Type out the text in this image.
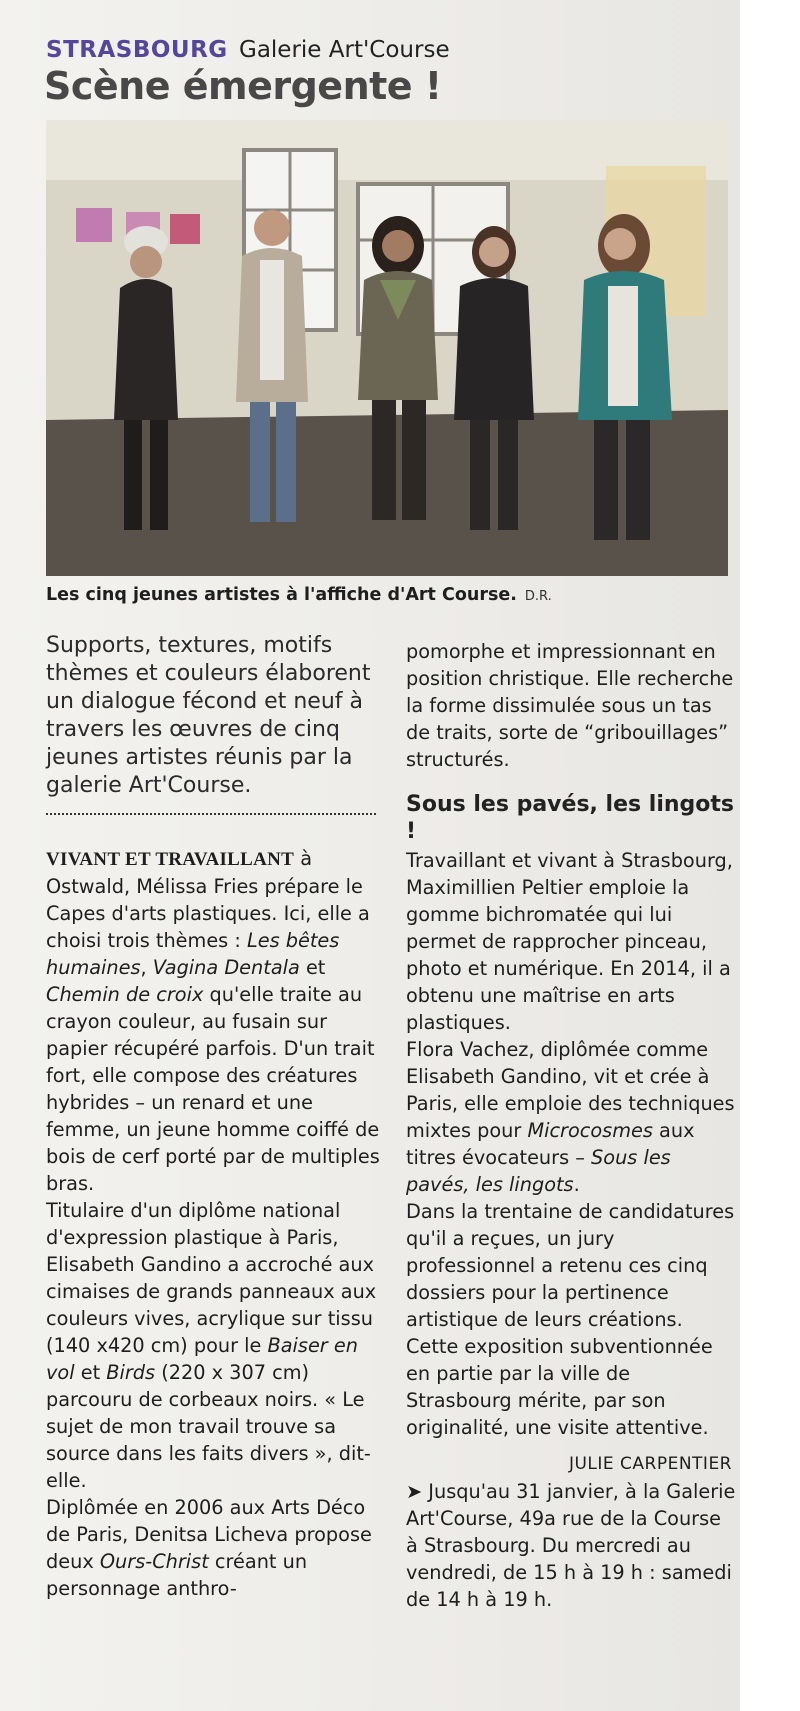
STRASBOURG Galerie Art'Course
Scène émergente !
Les cinq jeunes artistes à l'affiche d'Art Course. D.R.
Supports, textures, motifs thèmes et couleurs élaborent un dialogue fécond et neuf à travers les œuvres de cinq jeunes artistes réunis par la galerie Art'Course.

VIVANT ET TRAVAILLANT à Ostwald, Mélissa Fries prépare le Capes d'arts plastiques. Ici, elle a choisi trois thèmes : Les bêtes humaines, Vagina Dentala et Chemin de croix qu'elle traite au crayon couleur, au fusain sur papier récupéré parfois. D'un trait fort, elle compose des créatures hybrides – un renard et une femme, un jeune homme coiffé de bois de cerf porté par de multiples bras.

Titulaire d'un diplôme national d'expression plastique à Paris, Elisabeth Gandino a accroché aux cimaises de grands panneaux aux couleurs vives, acrylique sur tissu (140 x420 cm) pour le Baiser en vol et Birds (220 x 307 cm) parcouru de corbeaux noirs. « Le sujet de mon travail trouve sa source dans les faits divers », dit-elle.

Diplômée en 2006 aux Arts Déco de Paris, Denitsa Licheva propose deux Ours-Christ créant un personnage anthro-

pomorphe et impressionnant en position christique. Elle recherche la forme dissimulée sous un tas de traits, sorte de “gribouillages” structurés.

Sous les pavés, les lingots !

Travaillant et vivant à Strasbourg, Maximillien Peltier emploie la gomme bichromatée qui lui permet de rapprocher pinceau, photo et numérique. En 2014, il a obtenu une maîtrise en arts plastiques.

Flora Vachez, diplômée comme Elisabeth Gandino, vit et crée à Paris, elle emploie des techniques mixtes pour Microcosmes aux titres évocateurs – Sous les pavés, les lingots.

Dans la trentaine de candidatures qu'il a reçues, un jury professionnel a retenu ces cinq dossiers pour la pertinence artistique de leurs créations. Cette exposition subventionnée en partie par la ville de Strasbourg mérite, par son originalité, une visite attentive.

JULIE CARPENTIER

➤ Jusqu'au 31 janvier, à la Galerie Art'Course, 49a rue de la Course à Strasbourg. Du mercredi au vendredi, de 15 h à 19 h : samedi de 14 h à 19 h.
